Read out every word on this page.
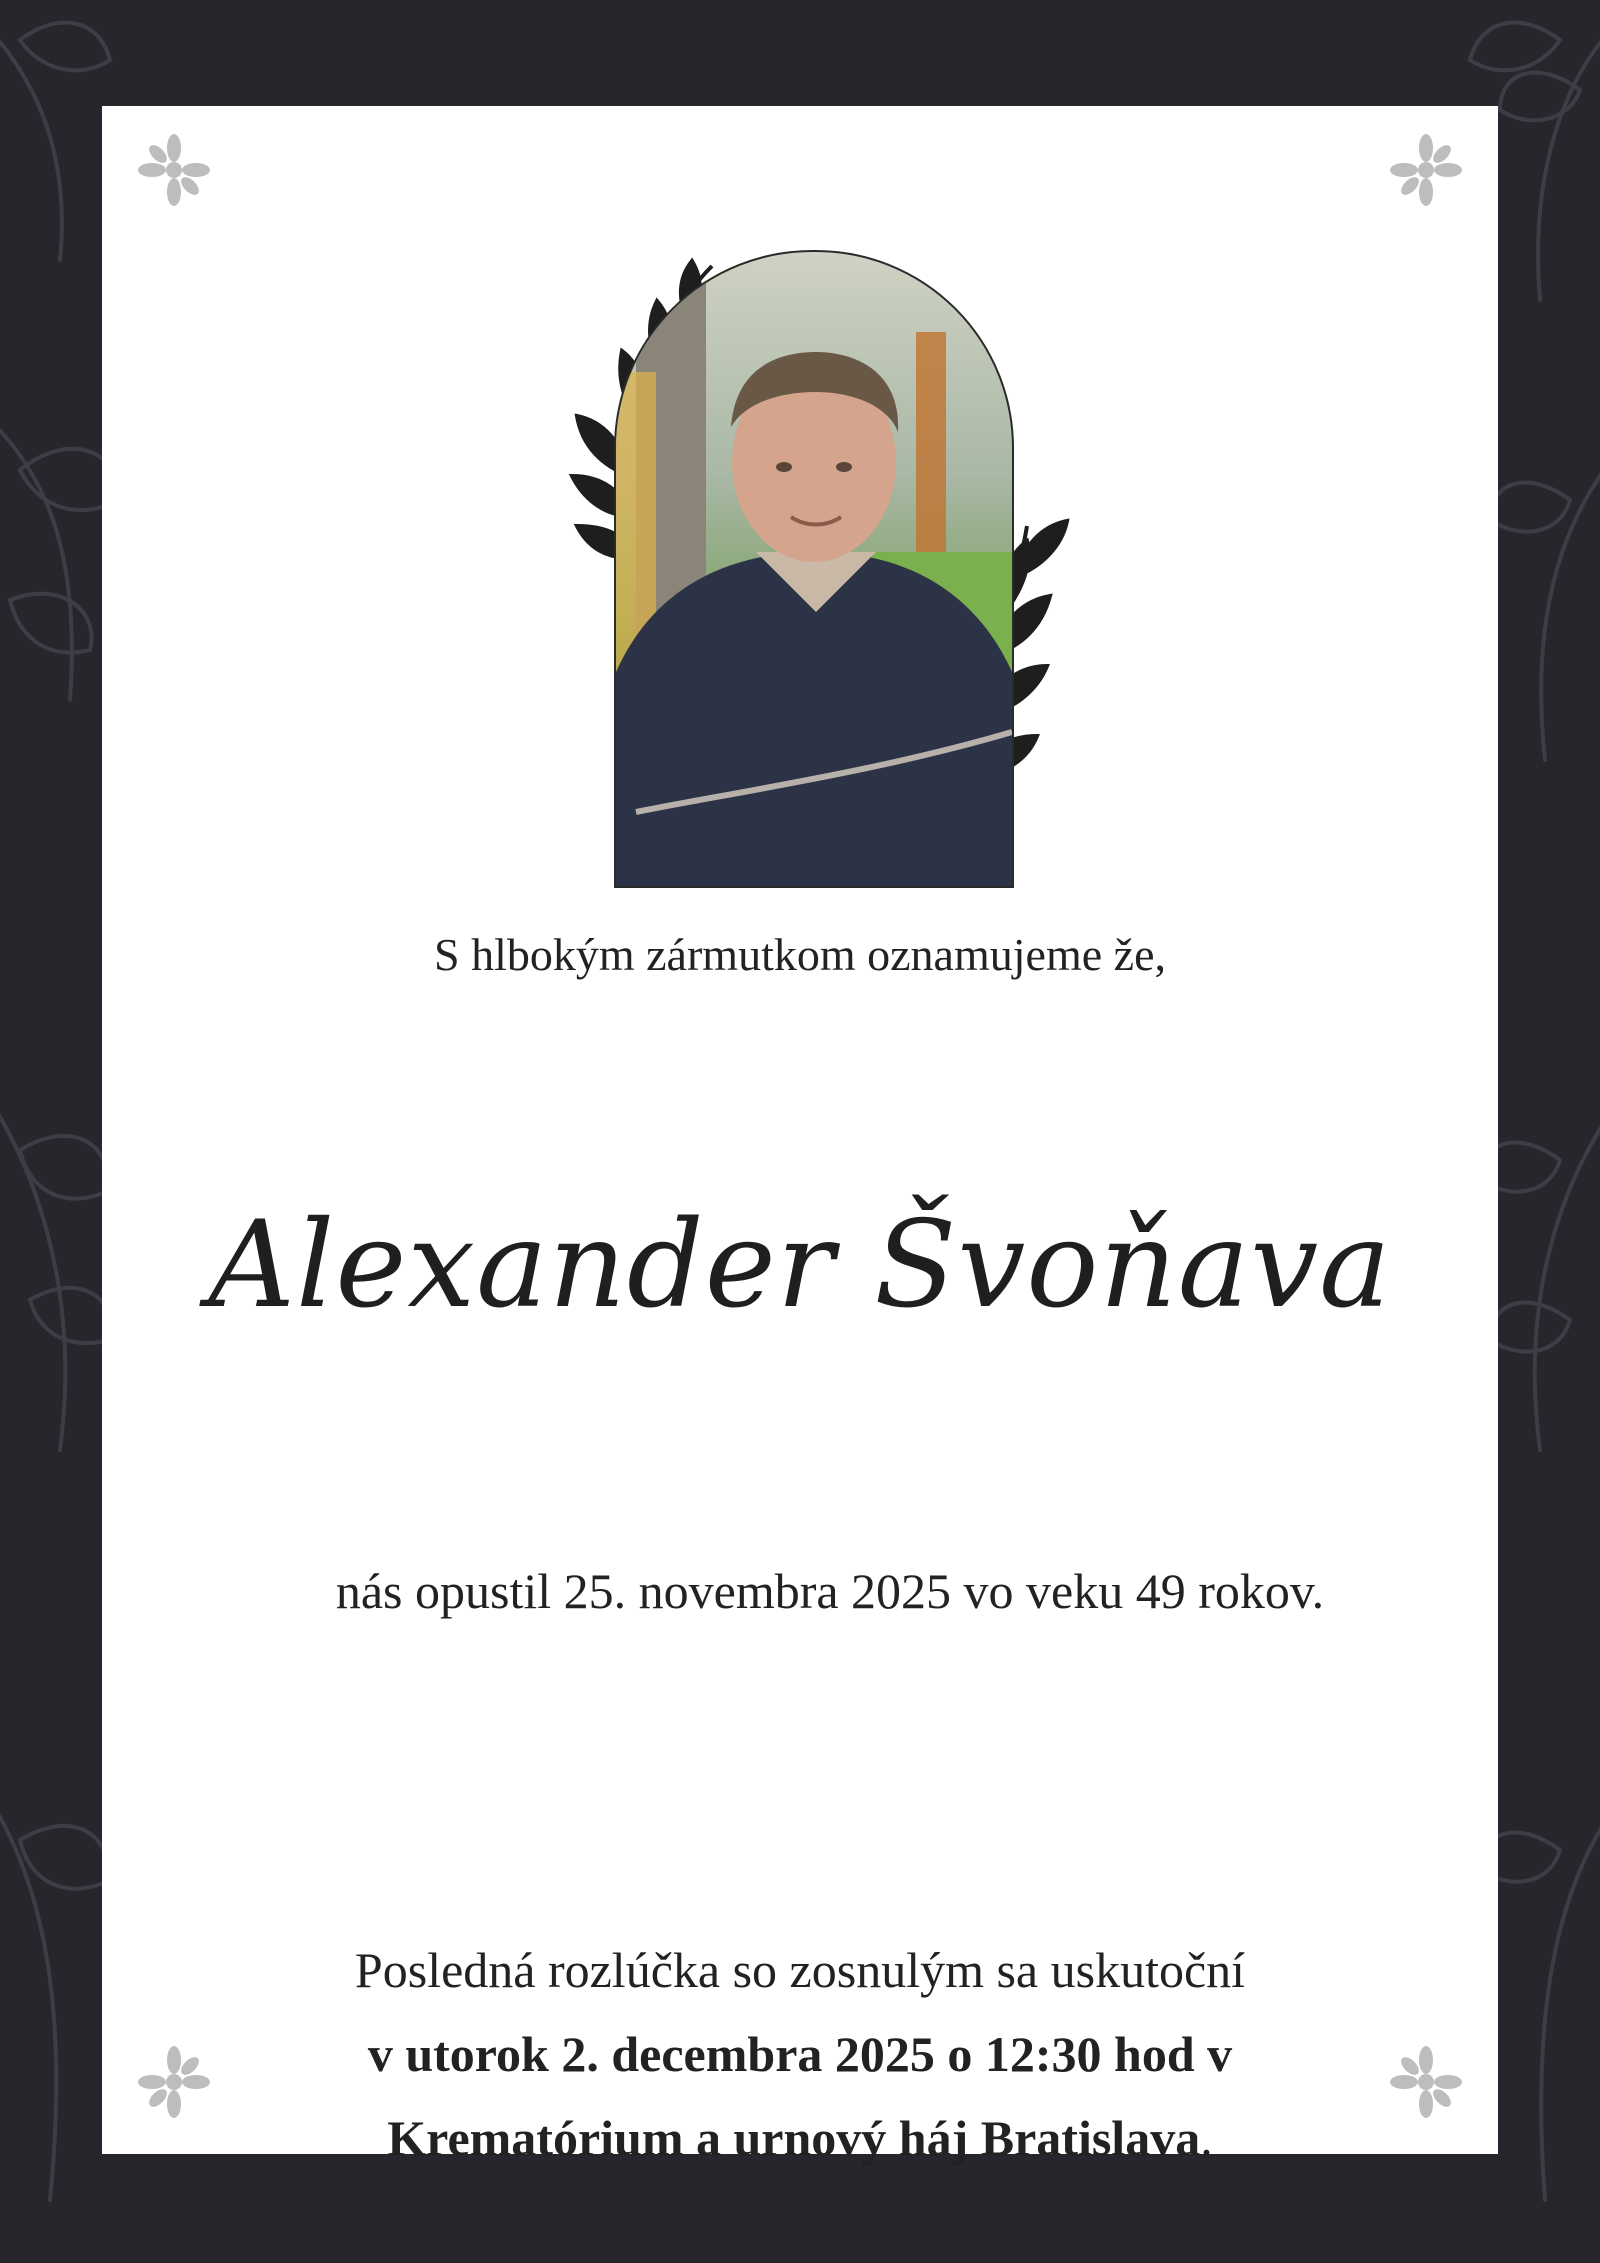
S hlbokým zármutkom oznamujeme že,
Alexander Švoňava
nás opustil 25. novembra 2025 vo veku 49 rokov.
Posledná rozlúčka so zosnulým sa uskutoční
v utorok 2. decembra 2025 o 12:30 hod v
Krematórium a urnový háj Bratislava.
